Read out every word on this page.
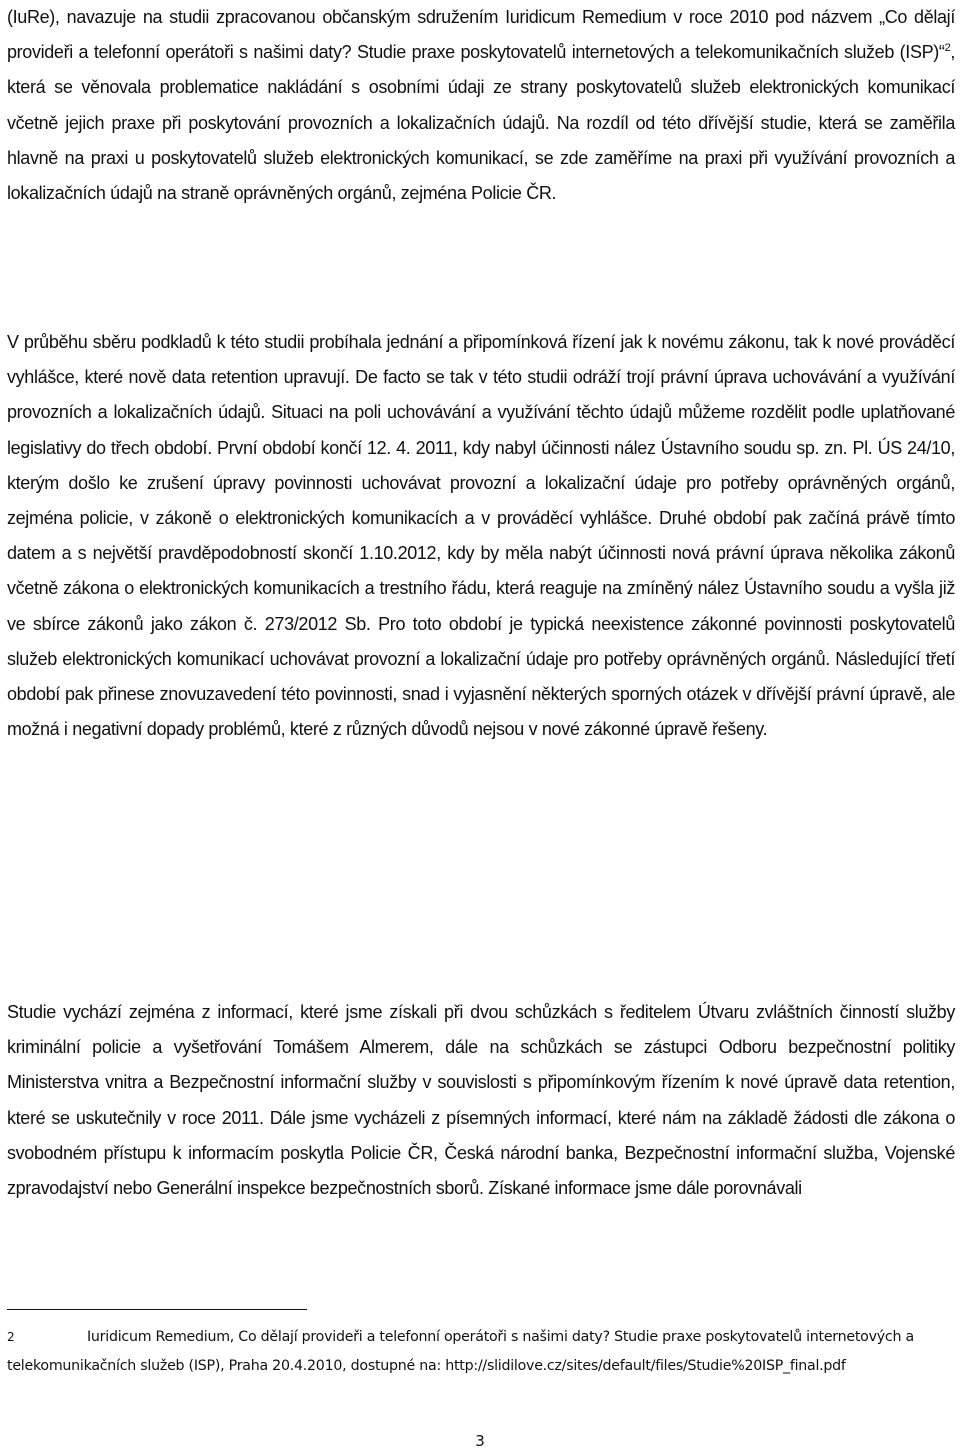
(IuRe), navazuje na studii zpracovanou občanským sdružením Iuridicum Remedium v roce 2010 pod názvem „Co dělají provideři a telefonní operátoři s našimi daty? Studie praxe poskytovatelů internetových a telekomunikačních služeb (ISP)“$^2$, která se věnovala problematice nakládání s osobními údaji ze strany poskytovatelů služeb elektronických komunikací včetně jejich praxe při poskytování provozních a lokalizačních údajů. Na rozdíl od této dřívější studie, která se zaměřila hlavně na praxi u poskytovatelů služeb elektronických komunikací, se zde zaměříme na praxi při využívání provozních a lokalizačních údajů na straně oprávněných orgánů, zejména Policie ČR.

V průběhu sběru podkladů k této studii probíhala jednání a připomínková řízení jak k novému zákonu, tak k nové prováděcí vyhlášce, které nově data retention upravují. De facto se tak v této studii odráží trojí právní úprava uchovávání a využívání provozních a lokalizačních údajů. Situaci na poli uchovávání a využívání těchto údajů můžeme rozdělit podle uplatňované legislativy do třech období. První období končí 12. 4. 2011, kdy nabyl účinnosti nález Ústavního soudu sp. zn. Pl. ÚS 24/10, kterým došlo ke zrušení úpravy povinnosti uchovávat provozní a lokalizační údaje pro potřeby oprávněných orgánů, zejména policie, v zákoně o elektronických komunikacích a v prováděcí vyhlášce. Druhé období pak začíná právě tímto datem a s největší pravděpodobností skončí 1.10.2012, kdy by měla nabýt účinnosti nová právní úprava několika zákonů včetně zákona o elektronických komunikacích a trestního řádu, která reaguje na zmíněný nález Ústavního soudu a vyšla již ve sbírce zákonů jako zákon č. 273/2012 Sb. Pro toto období je typická neexistence zákonné povinnosti poskytovatelů služeb elektronických komunikací uchovávat provozní a lokalizační údaje pro potřeby oprávněných orgánů. Následující třetí období pak přinese znovuzavedení této povinnosti, snad i vyjasnění některých sporných otázek v dřívější právní úpravě, ale možná i negativní dopady problémů, které z různých důvodů nejsou v nové zákonné úpravě řešeny.

Studie vychází zejména z informací, které jsme získali při dvou schůzkách s ředitelem Útvaru zvláštních činností služby kriminální policie a vyšetřování Tomášem Almerem, dále na schůzkách se zástupci Odboru bezpečnostní politiky Ministerstva vnitra a Bezpečnostní informační služby v souvislosti s připomínkovým řízením k nové úpravě data retention, které se uskutečnily v roce 2011. Dále jsme vycházeli z písemných informací, které nám na základě žádosti dle zákona o svobodném přístupu k informacím poskytla Policie ČR, Česká národní banka, Bezpečnostní informační služba, Vojenské zpravodajství nebo Generální inspekce bezpečnostních sborů. Získané informace jsme dále porovnávali

2	Iuridicum Remedium, Co dělají provideři a telefonní operátoři s našimi daty? Studie praxe poskytovatelů internetových a telekomunikačních služeb (ISP), Praha 20.4.2010, dostupné na: http://slidilove.cz/sites/default/files/Studie%20ISP_final.pdf

3
